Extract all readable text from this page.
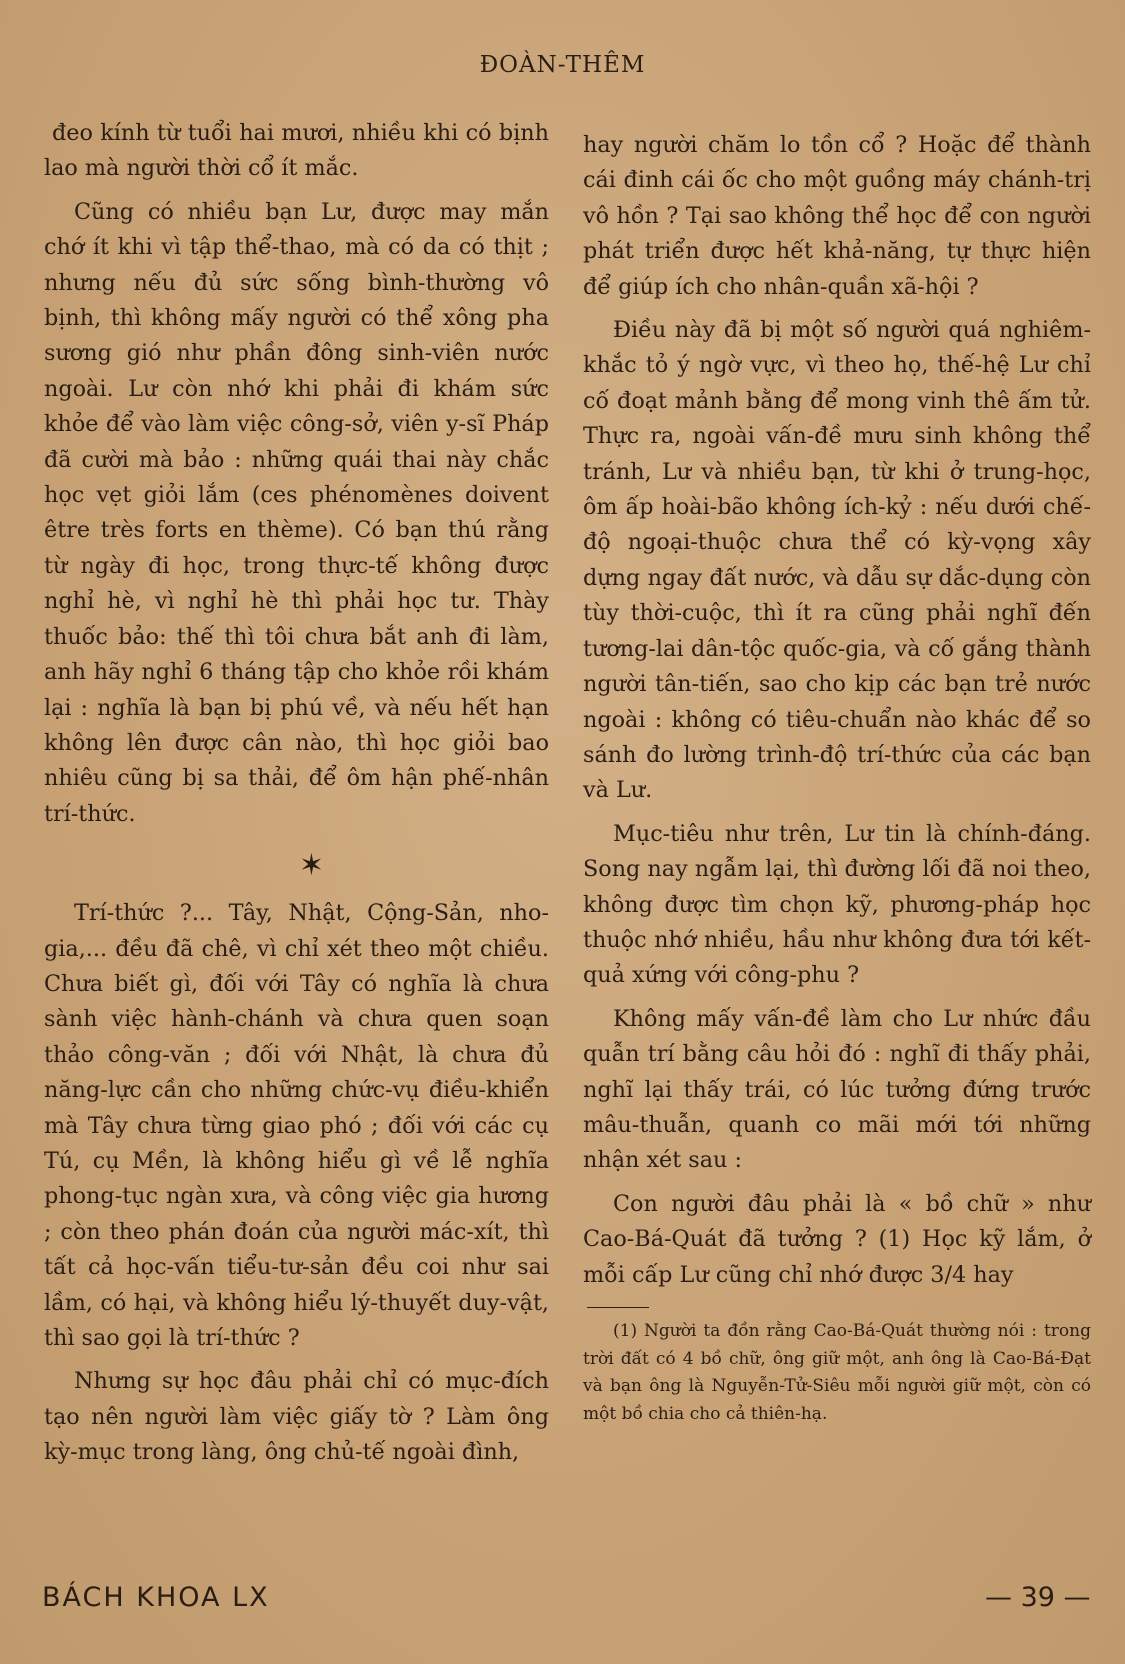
ĐOÀN-THÊM

đeo kính từ tuổi hai mươi, nhiều khi có bịnh lao mà người thời cổ ít mắc.

Cũng có nhiều bạn Lư, được may mắn chớ ít khi vì tập thể-thao, mà có da có thịt ; nhưng nếu đủ sức sống bình-thường vô bịnh, thì không mấy người có thể xông pha sương gió như phần đông sinh-viên nước ngoài. Lư còn nhớ khi phải đi khám sức khỏe để vào làm việc công-sở, viên y-sĩ Pháp đã cười mà bảo : những quái thai này chắc học vẹt giỏi lắm (ces phénomènes doivent être très forts en thème). Có bạn thú rằng từ ngày đi học, trong thực-tế không được nghỉ hè, vì nghỉ hè thì phải học tư. Thày thuốc bảo: thế thì tôi chưa bắt anh đi làm, anh hãy nghỉ 6 tháng tập cho khỏe rồi khám lại : nghĩa là bạn bị phú về, và nếu hết hạn không lên được cân nào, thì học giỏi bao nhiêu cũng bị sa thải, để ôm hận phế-nhân trí-thức.

✶

Trí-thức ?... Tây, Nhật, Cộng-Sản, nho-gia,... đều đã chê, vì chỉ xét theo một chiều. Chưa biết gì, đối với Tây có nghĩa là chưa sành việc hành-chánh và chưa quen soạn thảo công-văn ; đối với Nhật, là chưa đủ năng-lực cần cho những chức-vụ điều-khiển mà Tây chưa từng giao phó ; đối với các cụ Tú, cụ Mền, là không hiểu gì về lễ nghĩa phong-tục ngàn xưa, và công việc gia hương ; còn theo phán đoán của người mác-xít, thì tất cả học-vấn tiểu-tư-sản đều coi như sai lầm, có hại, và không hiểu lý-thuyết duy-vật, thì sao gọi là trí-thức ?

Nhưng sự học đâu phải chỉ có mục-đích tạo nên người làm việc giấy tờ ? Làm ông kỳ-mục trong làng, ông chủ-tế ngoài đình,

hay người chăm lo tồn cổ ? Hoặc để thành cái đinh cái ốc cho một guồng máy chánh-trị vô hồn ? Tại sao không thể học để con người phát triển được hết khả-năng, tự thực hiện để giúp ích cho nhân-quần xã-hội ?

Điều này đã bị một số người quá nghiêm-khắc tỏ ý ngờ vực, vì theo họ, thế-hệ Lư chỉ cố đoạt mảnh bằng để mong vinh thê ấm tử. Thực ra, ngoài vấn-đề mưu sinh không thể tránh, Lư và nhiều bạn, từ khi ở trung-học, ôm ấp hoài-bão không ích-kỷ : nếu dưới chế-độ ngoại-thuộc chưa thể có kỳ-vọng xây dựng ngay đất nước, và dẫu sự dắc-dụng còn tùy thời-cuộc, thì ít ra cũng phải nghĩ đến tương-lai dân-tộc quốc-gia, và cố gắng thành người tân-tiến, sao cho kịp các bạn trẻ nước ngoài : không có tiêu-chuẩn nào khác để so sánh đo lường trình-độ trí-thức của các bạn và Lư.

Mục-tiêu như trên, Lư tin là chính-đáng. Song nay ngẫm lại, thì đường lối đã noi theo, không được tìm chọn kỹ, phương-pháp học thuộc nhớ nhiều, hầu như không đưa tới kết-quả xứng với công-phu ?

Không mấy vấn-đề làm cho Lư nhức đầu quẫn trí bằng câu hỏi đó : nghĩ đi thấy phải, nghĩ lại thấy trái, có lúc tưởng đứng trước mâu-thuẫn, quanh co mãi mới tới những nhận xét sau :

Con người đâu phải là « bồ chữ » như Cao-Bá-Quát đã tưởng ? (1) Học kỹ lắm, ở mỗi cấp Lư cũng chỉ nhớ được 3/4 hay

(1) Người ta đồn rằng Cao-Bá-Quát thường nói : trong trời đất có 4 bồ chữ, ông giữ một, anh ông là Cao-Bá-Đạt và bạn ông là Nguyễn-Tử-Siêu mỗi người giữ một, còn có một bồ chia cho cả thiên-hạ.

BÁCH KHOA LX	— 39 —
